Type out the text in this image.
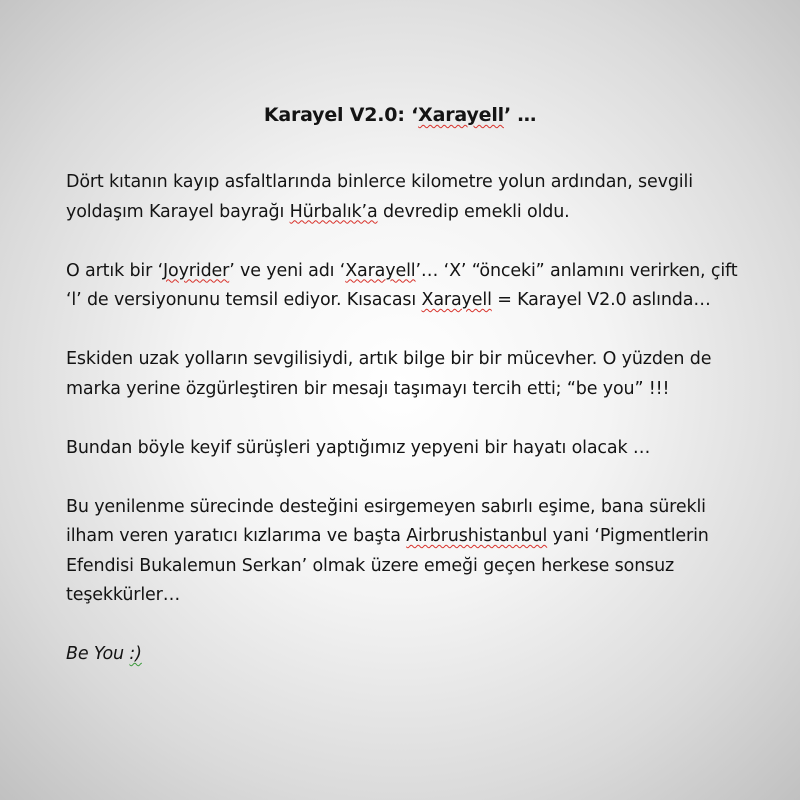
Karayel V2.0: ‘Xarayell’ …

Dört kıtanın kayıp asfaltlarında binlerce kilometre yolun ardından, sevgili
yoldaşım Karayel bayrağı Hürbalık’a devredip emekli oldu.

O artık bir ‘Joyrider’ ve yeni adı ‘Xarayell’… ‘X’ “önceki” anlamını verirken, çift
‘l’ de versiyonunu temsil ediyor. Kısacası Xarayell = Karayel V2.0 aslında…

Eskiden uzak yolların sevgilisiydi, artık bilge bir bir mücevher. O yüzden de
marka yerine özgürleştiren bir mesajı taşımayı tercih etti; “be you” !!!

Bundan böyle keyif sürüşleri yaptığımız yepyeni bir hayatı olacak …

Bu yenilenme sürecinde desteğini esirgemeyen sabırlı eşime, bana sürekli
ilham veren yaratıcı kızlarıma ve başta Airbrushistanbul yani ‘Pigmentlerin
Efendisi Bukalemun Serkan’ olmak üzere emeği geçen herkese sonsuz
teşekkürler…

Be You :)
